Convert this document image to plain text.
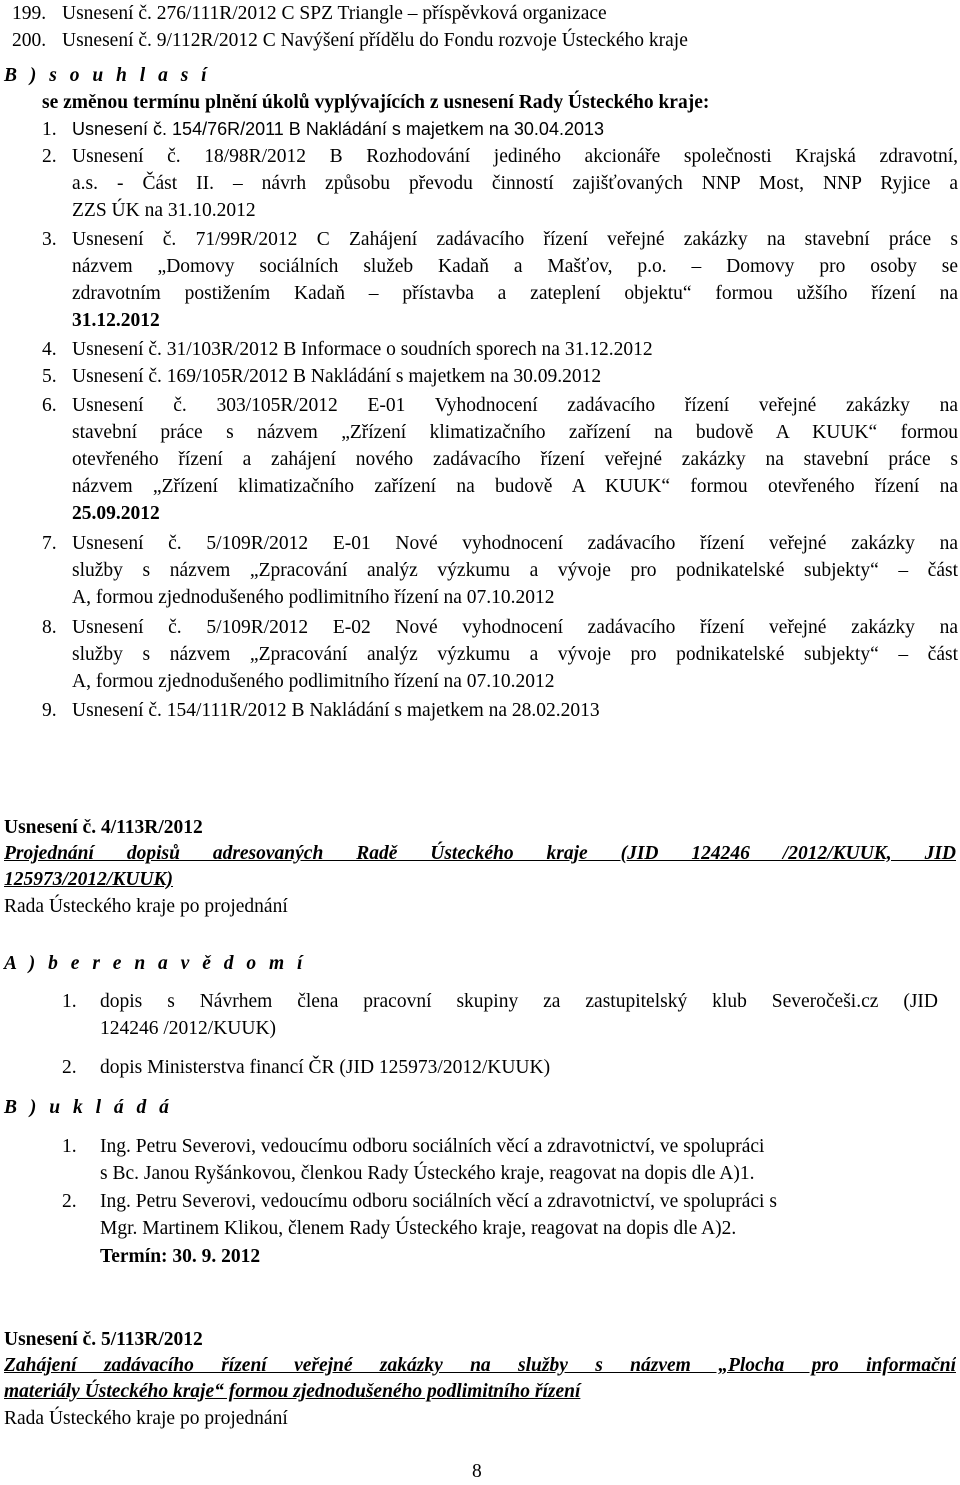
199. Usnesení č. 276/111R/2012 C SPZ Triangle – příspěvková organizace
200. Usnesení č. 9/112R/2012 C Navýšení přídělu do Fondu rozvoje Ústeckého kraje
B ) s o u h l a s í
se změnou termínu plnění úkolů vyplývajících z usnesení Rady Ústeckého kraje:
1. Usnesení č. 154/76R/2011 B Nakládání s majetkem na 30.04.2013
2. Usnesení č. 18/98R/2012 B Rozhodování jediného akcionáře společnosti Krajská zdravotní,
a.s. - Část II. – návrh způsobu převodu činností zajišťovaných NNP Most, NNP Ryjice a
ZZS ÚK na 31.10.2012
3. Usnesení č. 71/99R/2012 C Zahájení zadávacího řízení veřejné zakázky na stavební práce s
názvem „Domovy sociálních služeb Kadaň a Mašťov, p.o. – Domovy pro osoby se
zdravotním postižením Kadaň – přístavba a zateplení objektu“ formou užšího řízení na
31.12.2012
4. Usnesení č. 31/103R/2012 B Informace o soudních sporech na 31.12.2012
5. Usnesení č. 169/105R/2012 B Nakládání s majetkem na 30.09.2012
6. Usnesení č. 303/105R/2012 E-01 Vyhodnocení zadávacího řízení veřejné zakázky na
stavební práce s názvem „Zřízení klimatizačního zařízení na budově A KUUK“ formou
otevřeného řízení a zahájení nového zadávacího řízení veřejné zakázky na stavební práce s
názvem „Zřízení klimatizačního zařízení na budově A KUUK“ formou otevřeného řízení na
25.09.2012
7. Usnesení č. 5/109R/2012 E-01 Nové vyhodnocení zadávacího řízení veřejné zakázky na
služby s názvem „Zpracování analýz výzkumu a vývoje pro podnikatelské subjekty“ – část
A, formou zjednodušeného podlimitního řízení na 07.10.2012
8. Usnesení č. 5/109R/2012 E-02 Nové vyhodnocení zadávacího řízení veřejné zakázky na
služby s názvem „Zpracování analýz výzkumu a vývoje pro podnikatelské subjekty“ – část
A, formou zjednodušeného podlimitního řízení na 07.10.2012
9. Usnesení č. 154/111R/2012 B Nakládání s majetkem na 28.02.2013
Usnesení č. 4/113R/2012
Projednání dopisů adresovaných Radě Ústeckého kraje (JID 124246 /2012/KUUK, JID
125973/2012/KUUK)
Rada Ústeckého kraje po projednání
A ) b e r e n a v ě d o m í
1. dopis s Návrhem člena pracovní skupiny za zastupitelský klub Severočeši.cz (JID
124246 /2012/KUUK)
2. dopis Ministerstva financí ČR (JID 125973/2012/KUUK)
B ) u k l á d á
1. Ing. Petru Severovi, vedoucímu odboru sociálních věcí a zdravotnictví, ve spolupráci
s Bc. Janou Ryšánkovou, členkou Rady Ústeckého kraje, reagovat na dopis dle A)1.
2. Ing. Petru Severovi, vedoucímu odboru sociálních věcí a zdravotnictví, ve spolupráci s
Mgr. Martinem Klikou, členem Rady Ústeckého kraje, reagovat na dopis dle A)2.
Termín: 30. 9. 2012
Usnesení č. 5/113R/2012
Zahájení zadávacího řízení veřejné zakázky na služby s názvem „Plocha pro informační
materiály Ústeckého kraje“ formou zjednodušeného podlimitního řízení
Rada Ústeckého kraje po projednání
8
